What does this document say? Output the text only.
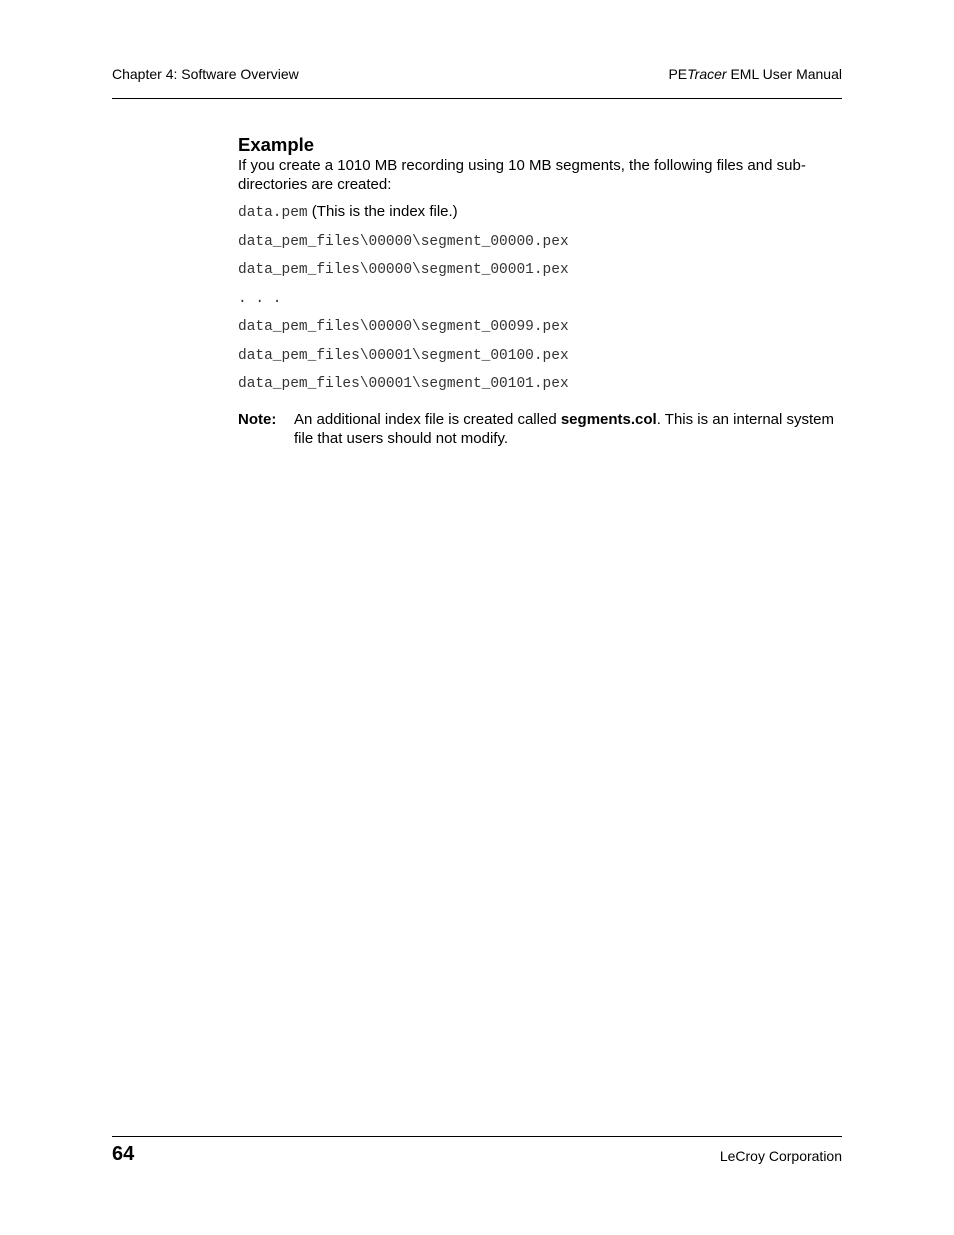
Chapter 4: Software Overview	PETracer EML User Manual
Example

If you create a 1010 MB recording using 10 MB segments, the following files and sub-directories are created:

data.pem (This is the index file.)

data_pem_files\00000\segment_00000.pex

data_pem_files\00000\segment_00001.pex

. . .

data_pem_files\00000\segment_00099.pex

data_pem_files\00001\segment_00100.pex

data_pem_files\00001\segment_00101.pex

Note: An additional index file is created called segments.col. This is an internal system file that users should not modify.
64	LeCroy Corporation
